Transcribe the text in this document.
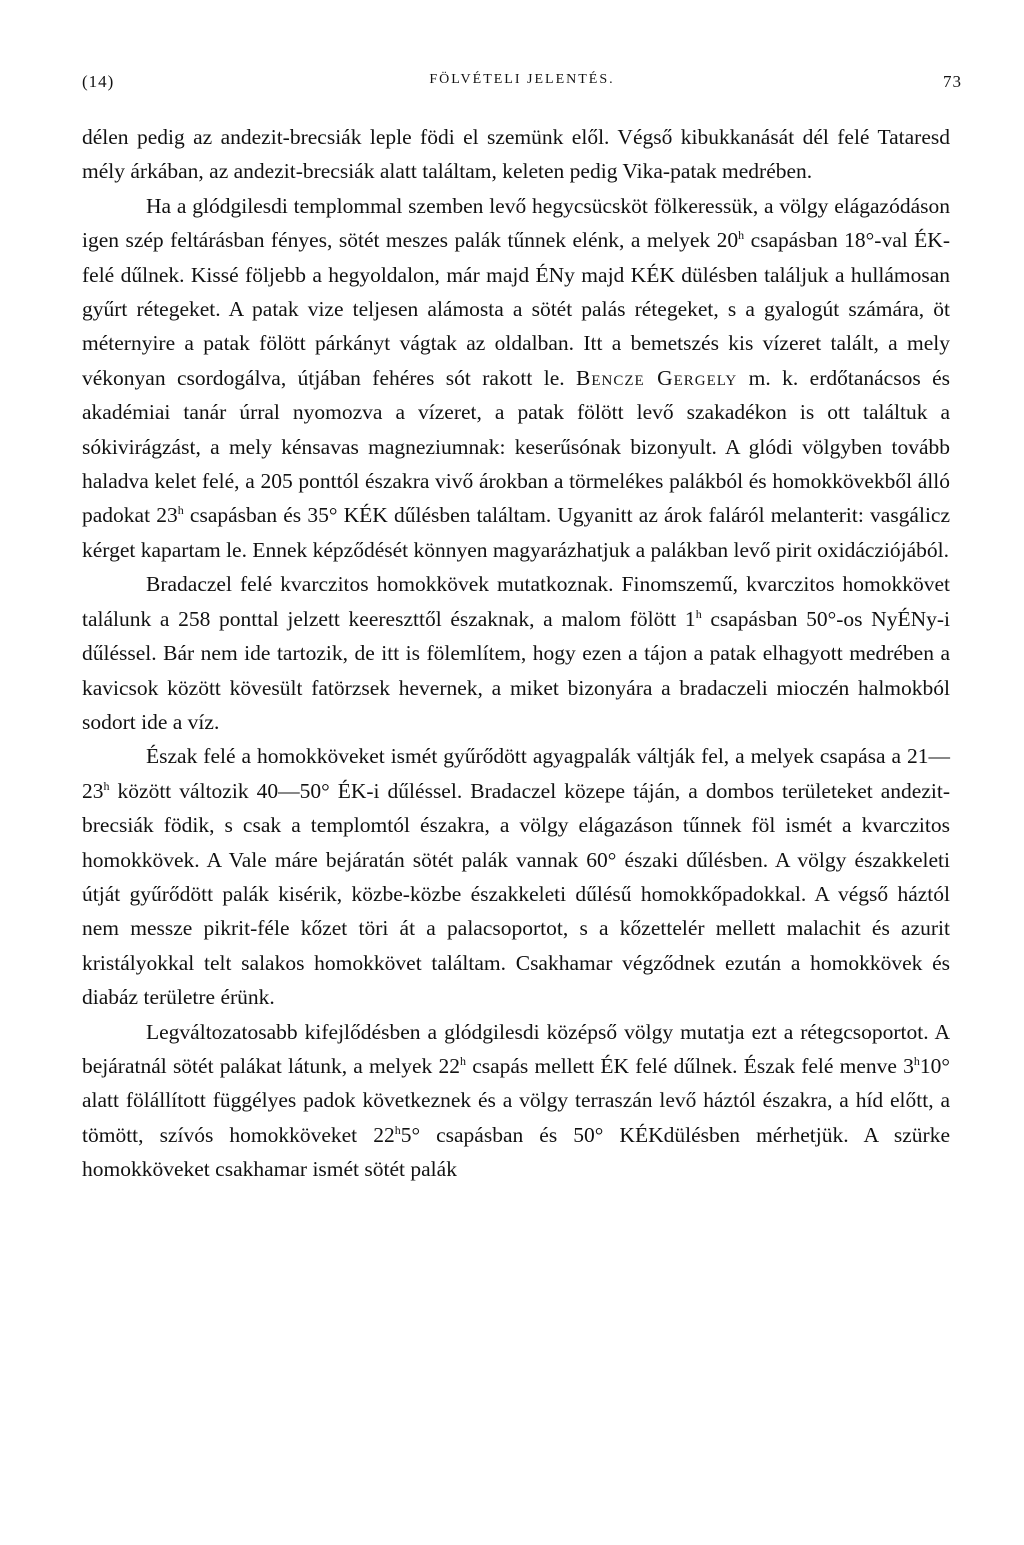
(14)	FÖLVÉTELI JELENTÉS.	73

délen pedig az andezit-brecsiák leple födi el szemünk elől. Végső kibukkanását dél felé Tataresd mély árkában, az andezit-brecsiák alatt találtam, keleten pedig Vika-patak medrében.

Ha a glódgilesdi templommal szemben levő hegycsücsköt fölkeressük, a völgy elágazódáson igen szép feltárásban fényes, sötét meszes palák tűnnek elénk, a melyek 20$^h$ csapásban 18°-val ÉK-felé dűlnek. Kissé följebb a hegyoldalon, már majd ÉNy majd KÉK dülésben találjuk a hullámosan gyűrt rétegeket. A patak vize teljesen alámosta a sötét palás rétegeket, s a gyalogút számára, öt méternyire a patak fölött párkányt vágtak az oldalban. Itt a bemetszés kis vízeret talált, a mely vékonyan csordogálva, útjában fehéres sót rakott le. Bencze Gergely m. k. erdőtanácsos és akadémiai tanár úrral nyomozva a vízeret, a patak fölött levő szakadékon is ott találtuk a sókivirágzást, a mely kénsavas magneziumnak: keserűsónak bizonyult. A glódi völgyben tovább haladva kelet felé, a 205 ponttól északra vivő árokban a törmelékes palákból és homokkövekből álló padokat 23$^h$ csapásban és 35° KÉK dűlésben találtam. Ugyanitt az árok faláról melanterit: vasgálicz kérget kapartam le. Ennek képződését könnyen magyarázhatjuk a palákban levő pirit oxidácziójából.

Bradaczel felé kvarczitos homokkövek mutatkoznak. Finomszemű, kvarczitos homokkövet találunk a 258 ponttal jelzett keereszttől északnak, a malom fölött 1$^h$ csapásban 50°-os NyÉNy-i dűléssel. Bár nem ide tartozik, de itt is fölemlítem, hogy ezen a tájon a patak elhagyott medrében a kavicsok között kövesült fatörzsek hevernek, a miket bizonyára a bradaczeli mioczén halmokból sodort ide a víz.

Észak felé a homokköveket ismét gyűrődött agyagpalák váltják fel, a melyek csapása a 21—23$^h$ között változik 40—50° ÉK-i dűléssel. Bradaczel közepe táján, a dombos területeket andezit-brecsiák födik, s csak a templomtól északra, a völgy elágazáson tűnnek föl ismét a kvarczitos homokkövek. A Vale máre bejáratán sötét palák vannak 60° északi dűlésben. A völgy északkeleti útját gyűrődött palák kisérik, közbe-közbe északkeleti dűlésű homokkőpadokkal. A végső háztól nem messze pikrit-féle kőzet töri át a palacsoportot, s a kőzettelér mellett malachit és azurit kristályokkal telt salakos homokkövet találtam. Csakhamar végződnek ezután a homokkövek és diabáz területre érünk.

Legváltozatosabb kifejlődésben a glódgilesdi középső völgy mutatja ezt a rétegcsoportot. A bejáratnál sötét palákat látunk, a melyek 22$^h$ csapás mellett ÉK felé dűlnek. Észak felé menve 3$^h$10° alatt fölállított függélyes padok következnek és a völgy terraszán levő háztól északra, a híd előtt, a tömött, szívós homokköveket 22$^h$5° csapásban és 50° KÉKdülésben mérhetjük. A szürke homokköveket csakhamar ismét sötét palák
